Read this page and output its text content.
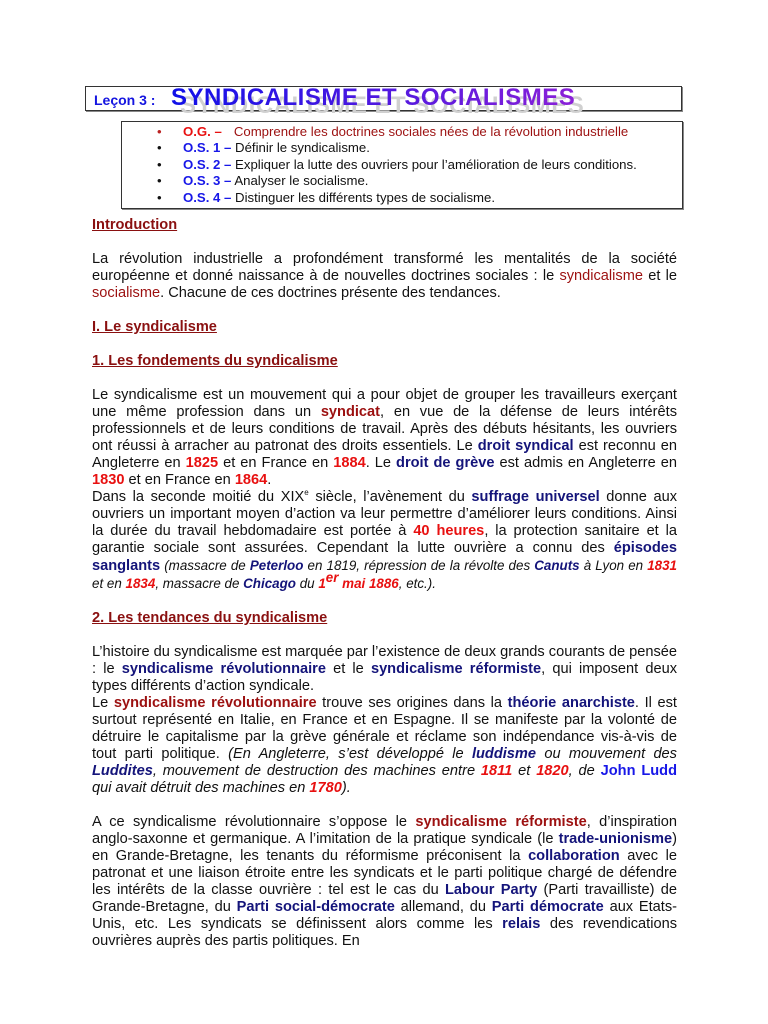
Leçon 3 : SYNDICALISME ET SOCIALISMES
• O.G. – Comprendre les doctrines sociales nées de la révolution industrielle
• O.S. 1 – Définir le syndicalisme.
• O.S. 2 – Expliquer la lutte des ouvriers pour l’amélioration de leurs conditions.
• O.S. 3 – Analyser le socialisme.
• O.S. 4 – Distinguer les différents types de socialisme.

Introduction

La révolution industrielle a profondément transformé les mentalités de la société européenne et donné naissance à de nouvelles doctrines sociales : le syndicalisme et le socialisme. Chacune de ces doctrines présente des tendances.

I. Le syndicalisme

1. Les fondements du syndicalisme

Le syndicalisme est un mouvement qui a pour objet de grouper les travailleurs exerçant une même profession dans un syndicat, en vue de la défense de leurs intérêts professionnels et de leurs conditions de travail. Après des débuts hésitants, les ouvriers ont réussi à arracher au patronat des droits essentiels. Le droit syndical est reconnu en Angleterre en 1825 et en France en 1884. Le droit de grève est admis en Angleterre en 1830 et en France en 1864.

Dans la seconde moitié du XIXe siècle, l’avènement du suffrage universel donne aux ouvriers un important moyen d’action va leur permettre d’améliorer leurs conditions. Ainsi la durée du travail hebdomadaire est portée à 40 heures, la protection sanitaire et la garantie sociale sont assurées. Cependant la lutte ouvrière a connu des épisodes sanglants (massacre de Peterloo en 1819, répression de la révolte des Canuts à Lyon en 1831 et en 1834, massacre de Chicago du 1er mai 1886, etc.).

2. Les tendances du syndicalisme

L’histoire du syndicalisme est marquée par l’existence de deux grands courants de pensée : le syndicalisme révolutionnaire et le syndicalisme réformiste, qui imposent deux types différents d’action syndicale.

Le syndicalisme révolutionnaire trouve ses origines dans la théorie anarchiste. Il est surtout représenté en Italie, en France et en Espagne. Il se manifeste par la volonté de détruire le capitalisme par la grève générale et réclame son indépendance vis-à-vis de tout parti politique. (En Angleterre, s’est développé le luddisme ou mouvement des Luddites, mouvement de destruction des machines entre 1811 et 1820, de John Ludd qui avait détruit des machines en 1780).

A ce syndicalisme révolutionnaire s’oppose le syndicalisme réformiste, d’inspiration anglo-saxonne et germanique. A l’imitation de la pratique syndicale (le trade-unionisme) en Grande-Bretagne, les tenants du réformisme préconisent la collaboration avec le patronat et une liaison étroite entre les syndicats et le parti politique chargé de défendre les intérêts de la classe ouvrière : tel est le cas du Labour Party (Parti travailliste) de Grande-Bretagne, du Parti social-démocrate allemand, du Parti démocrate aux Etats-Unis, etc. Les syndicats se définissent alors comme les relais des revendications ouvrières auprès des partis politiques. En
